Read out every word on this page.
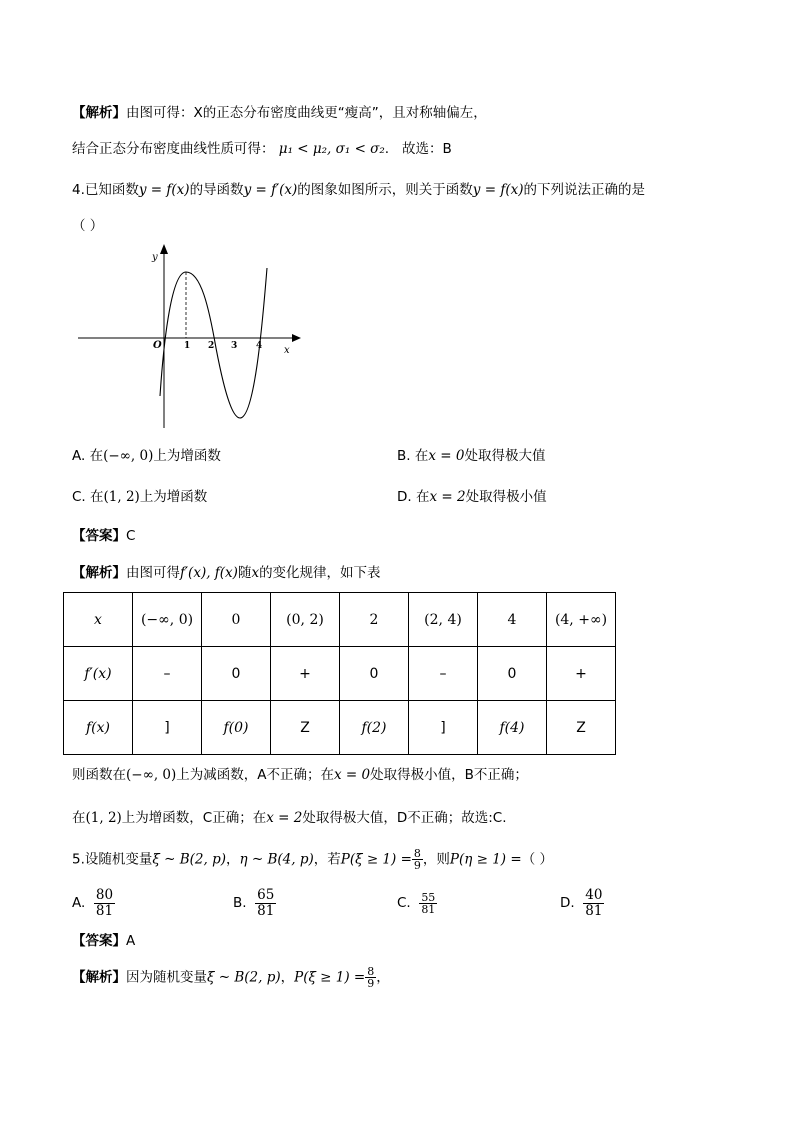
【解析】由图可得：X的正态分布密度曲线更“瘦高”，且对称轴偏左，
结合正态分布密度曲线性质可得： μ₁ < μ₂, σ₁ < σ₂. 故选：B
4.已知函数y = f(x)的导函数y = f′(x)的图象如图所示，则关于函数y = f(x)的下列说法正确的是
（ ）
y
x
O 1 2 3 4
A. 在(−∞, 0)上为增函数	B. 在x = 0处取得极大值
C. 在(1, 2)上为增函数	D. 在x = 2处取得极小值
【答案】C
【解析】由图可得f′(x), f(x)随x的变化规律，如下表
x	(−∞, 0)	0	(0, 2)	2	(2, 4)	4	(4, +∞)
f′(x)	–	0	+	0	–	0	+
f(x)	]	f(0)	Z	f(2)	]	f(4)	Z
则函数在(−∞, 0)上为减函数，A不正确；在x = 0处取得极小值，B不正确；
在(1, 2)上为增函数，C正确；在x = 2处取得极大值，D不正确；故选:C.
5.设随机变量ξ ~ B(2, p)，η ~ B(4, p)，若$P(\xi \ge 1) = \frac{8}{9}$ ，则P(η ≥ 1) =（ ）
A. $\frac{80}{81}$	B. $\frac{65}{81}$	C. $\frac{55}{81}$	D. $\frac{40}{81}$
【答案】A
【解析】因为随机变量ξ ~ B(2, p)，$P(\xi \ge 1) = \frac{8}{9}$ ，
